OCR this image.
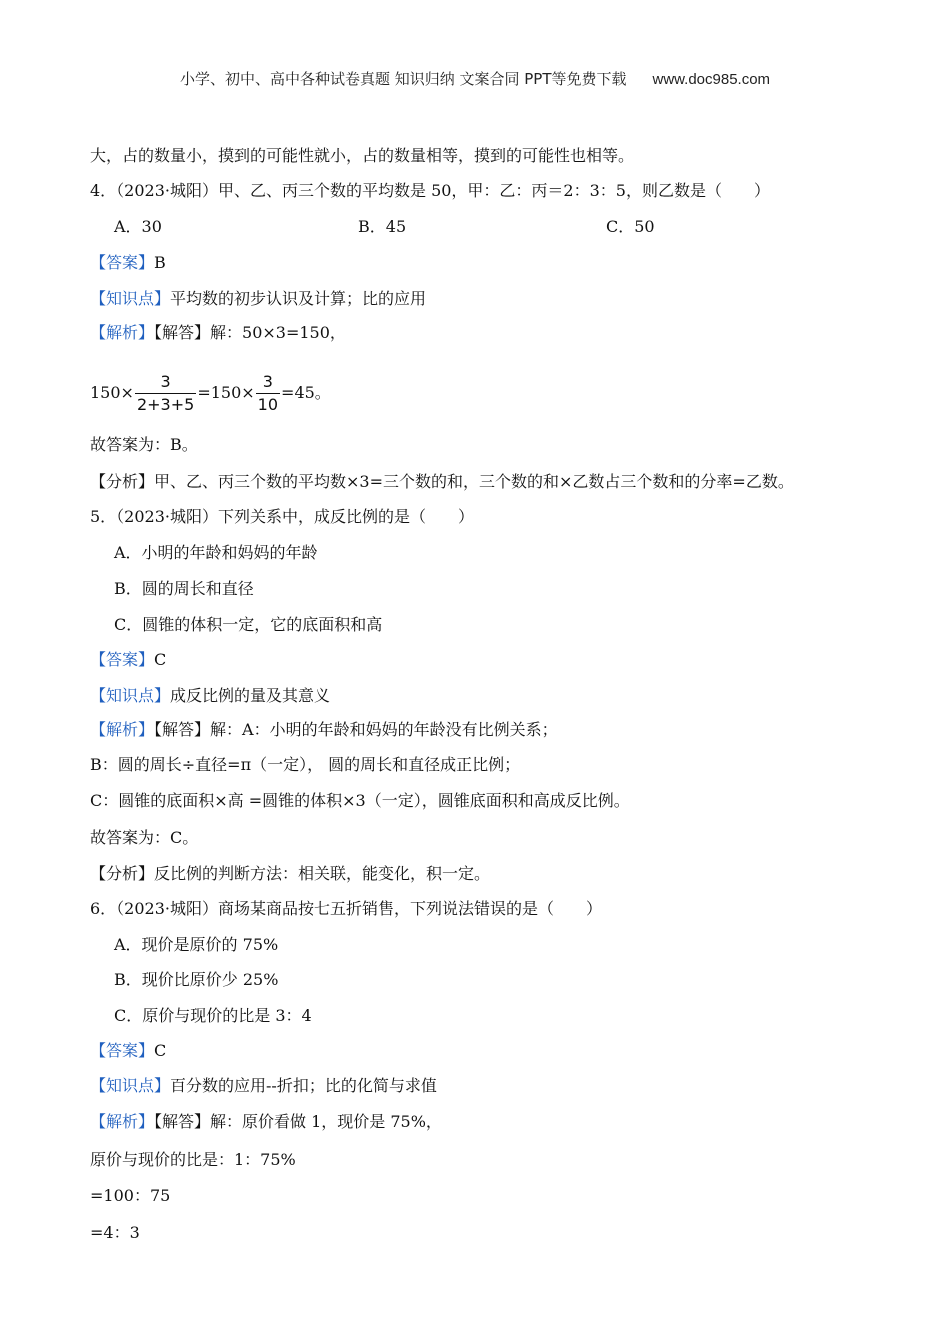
小学、初中、高中各种试卷真题 知识归纳 文案合同 PPT等免费下载 www.doc985.com
大，占的数量小，摸到的可能性就小，占的数量相等，摸到的可能性也相等。
4．（2023·城阳）甲、乙、丙三个数的平均数是 50，甲：乙：丙＝2：3：5，则乙数是（　　）
A．30	B．45	C．50
【答案】B
【知识点】平均数的初步认识及计算；比的应用
【解析】【解答】解：50×3=150，
$150\times \frac{3}{2+3+5} =150\times \frac{3}{10} =45$。
故答案为：B。
【分析】甲、乙、丙三个数的平均数×3=三个数的和，三个数的和×乙数占三个数和的分率=乙数。
5．（2023·城阳）下列关系中，成反比例的是（　　）
A．小明的年龄和妈妈的年龄
B．圆的周长和直径
C．圆锥的体积一定，它的底面积和高
【答案】C
【知识点】成反比例的量及其意义
【解析】【解答】解：A：小明的年龄和妈妈的年龄没有比例关系；
B：圆的周长÷直径=π（一定）， 圆的周长和直径成正比例；
C：圆锥的底面积×高 =圆锥的体积×3（一定），圆锥底面积和高成反比例。
故答案为：C。
【分析】反比例的判断方法：相关联，能变化，积一定。
6．（2023·城阳）商场某商品按七五折销售，下列说法错误的是（　　）
A．现价是原价的 75%
B．现价比原价少 25%
C．原价与现价的比是 3：4
【答案】C
【知识点】百分数的应用--折扣；比的化简与求值
【解析】【解答】解：原价看做 1，现价是 75%，
原价与现价的比是：1：75%
=100：75
=4：3
